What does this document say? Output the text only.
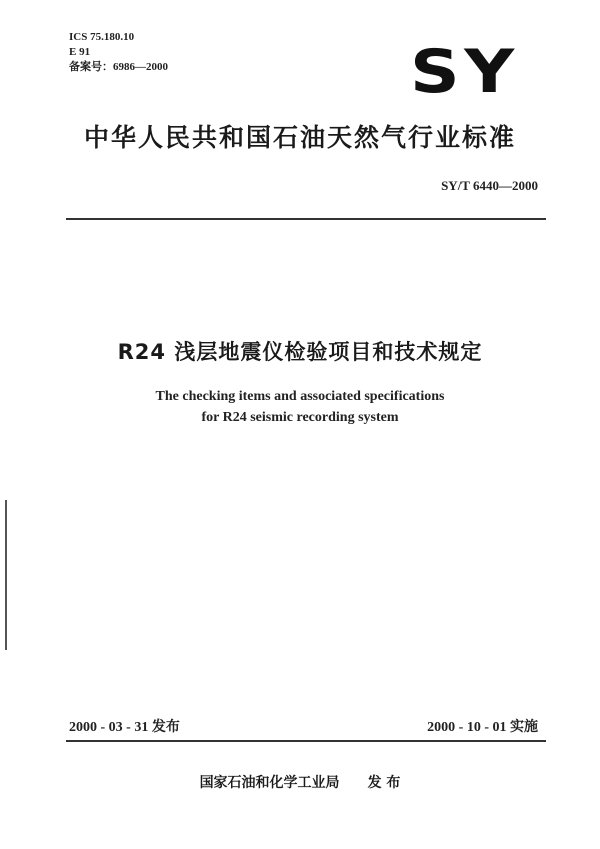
ICS 75.180.10
E 91
备案号：6986—2000	SY
中华人民共和国石油天然气行业标准
SY/T 6440—2000
R24 浅层地震仪检验项目和技术规定
The checking items and associated specifications
for R24 seismic recording system
2000 - 03 - 31 发布	2000 - 10 - 01 实施
国家石油和化学工业局 发 布
